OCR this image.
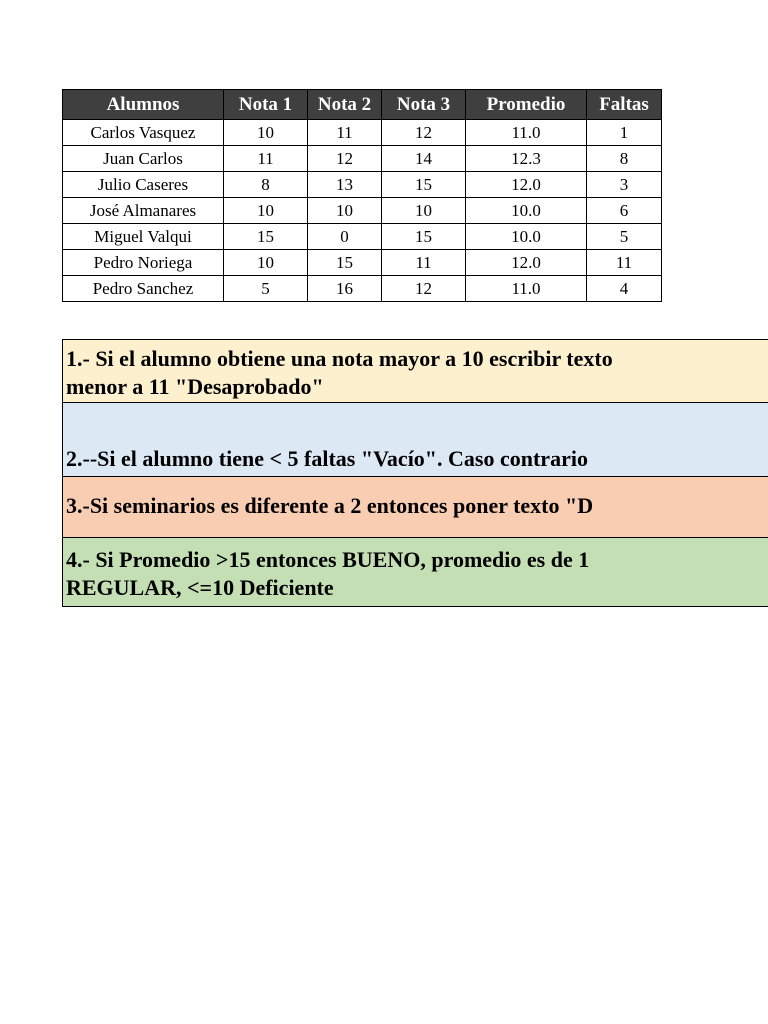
Alumnos	Nota 1	Nota 2	Nota 3	Promedio	Faltas
Carlos Vasquez	10	11	12	11.0	1
Juan Carlos	11	12	14	12.3	8
Julio Caseres	8	13	15	12.0	3
José Almanares	10	10	10	10.0	6
Miguel Valqui	15	0	15	10.0	5
Pedro Noriega	10	15	11	12.0	11
Pedro Sanchez	5	16	12	11.0	4
1.- Si el alumno obtiene una nota mayor a 10 escribir texto
menor a 11 "Desaprobado"
2.--Si el alumno tiene < 5 faltas "Vacío". Caso contrario
3.-Si seminarios es diferente a 2 entonces poner texto "D
4.- Si Promedio >15 entonces BUENO, promedio es de 1
REGULAR, <=10 Deficiente
